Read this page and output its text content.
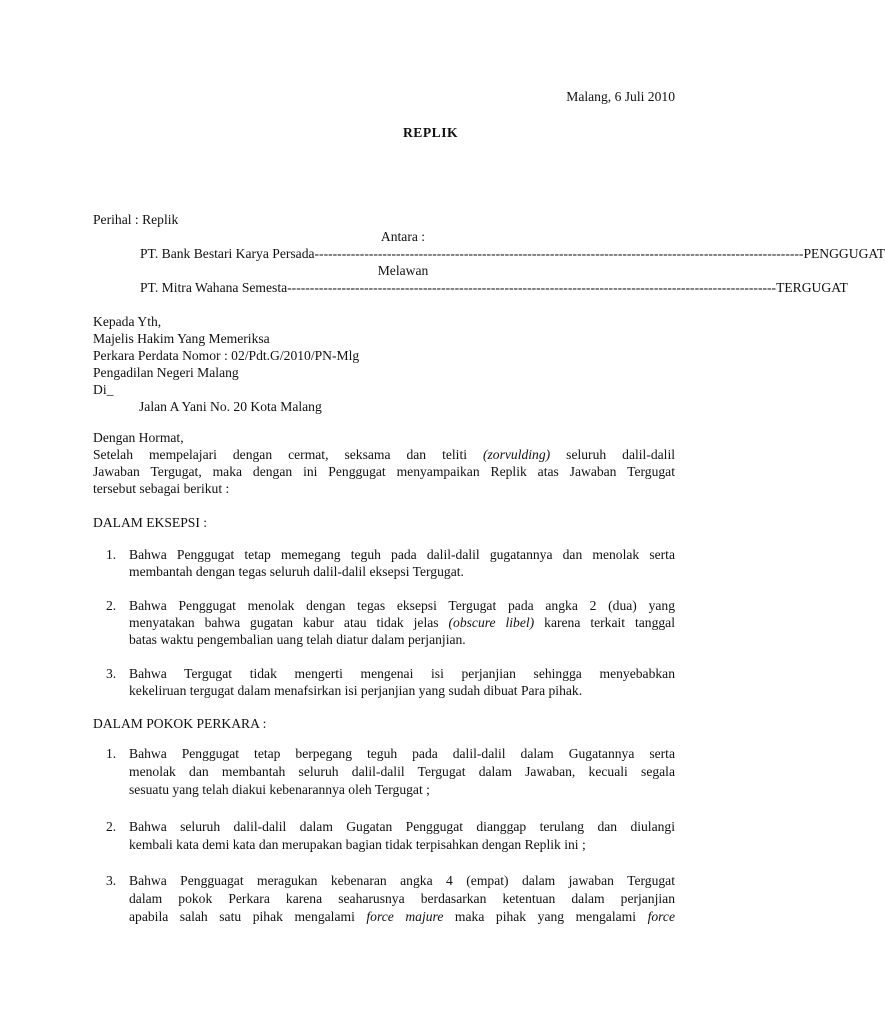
Malang, 6 Juli 2010
REPLIK
Perihal : Replik
Antara :
PT. Bank Bestari Karya Persada ------------------------------------------------------------------------------------------------------------ PENGGUGAT
Melawan
PT. Mitra Wahana Semesta ------------------------------------------------------------------------------------------------------------ TERGUGAT
Kepada Yth,
Majelis Hakim Yang Memeriksa
Perkara Perdata Nomor : 02/Pdt.G/2010/PN-Mlg
Pengadilan Negeri Malang
Di_
Jalan A Yani No. 20 Kota Malang
Dengan Hormat,
Setelah mempelajari dengan cermat, seksama dan teliti (zorvulding) seluruh dalil-dalil
Jawaban Tergugat, maka dengan ini Penggugat menyampaikan Replik atas Jawaban Tergugat
tersebut sebagai berikut :
DALAM EKSEPSI :
1. Bahwa Penggugat tetap memegang teguh pada dalil-dalil gugatannya dan menolak serta
membantah dengan tegas seluruh dalil-dalil eksepsi Tergugat.
2. Bahwa Penggugat menolak dengan tegas eksepsi Tergugat pada angka 2 (dua) yang
menyatakan bahwa gugatan kabur atau tidak jelas (obscure libel) karena terkait tanggal
batas waktu pengembalian uang telah diatur dalam perjanjian.
3. Bahwa Tergugat tidak mengerti mengenai isi perjanjian sehingga menyebabkan
kekeliruan tergugat dalam menafsirkan isi perjanjian yang sudah dibuat Para pihak.
DALAM POKOK PERKARA :
1. Bahwa Penggugat tetap berpegang teguh pada dalil-dalil dalam Gugatannya serta
menolak dan membantah seluruh dalil-dalil Tergugat dalam Jawaban, kecuali segala
sesuatu yang telah diakui kebenarannya oleh Tergugat ;
2. Bahwa seluruh dalil-dalil dalam Gugatan Penggugat dianggap terulang dan diulangi
kembali kata demi kata dan merupakan bagian tidak terpisahkan dengan Replik ini ;
3. Bahwa Pengguagat meragukan kebenaran angka 4 (empat) dalam jawaban Tergugat
dalam pokok Perkara karena seaharusnya berdasarkan ketentuan dalam perjanjian
apabila salah satu pihak mengalami force majure maka pihak yang mengalami force
